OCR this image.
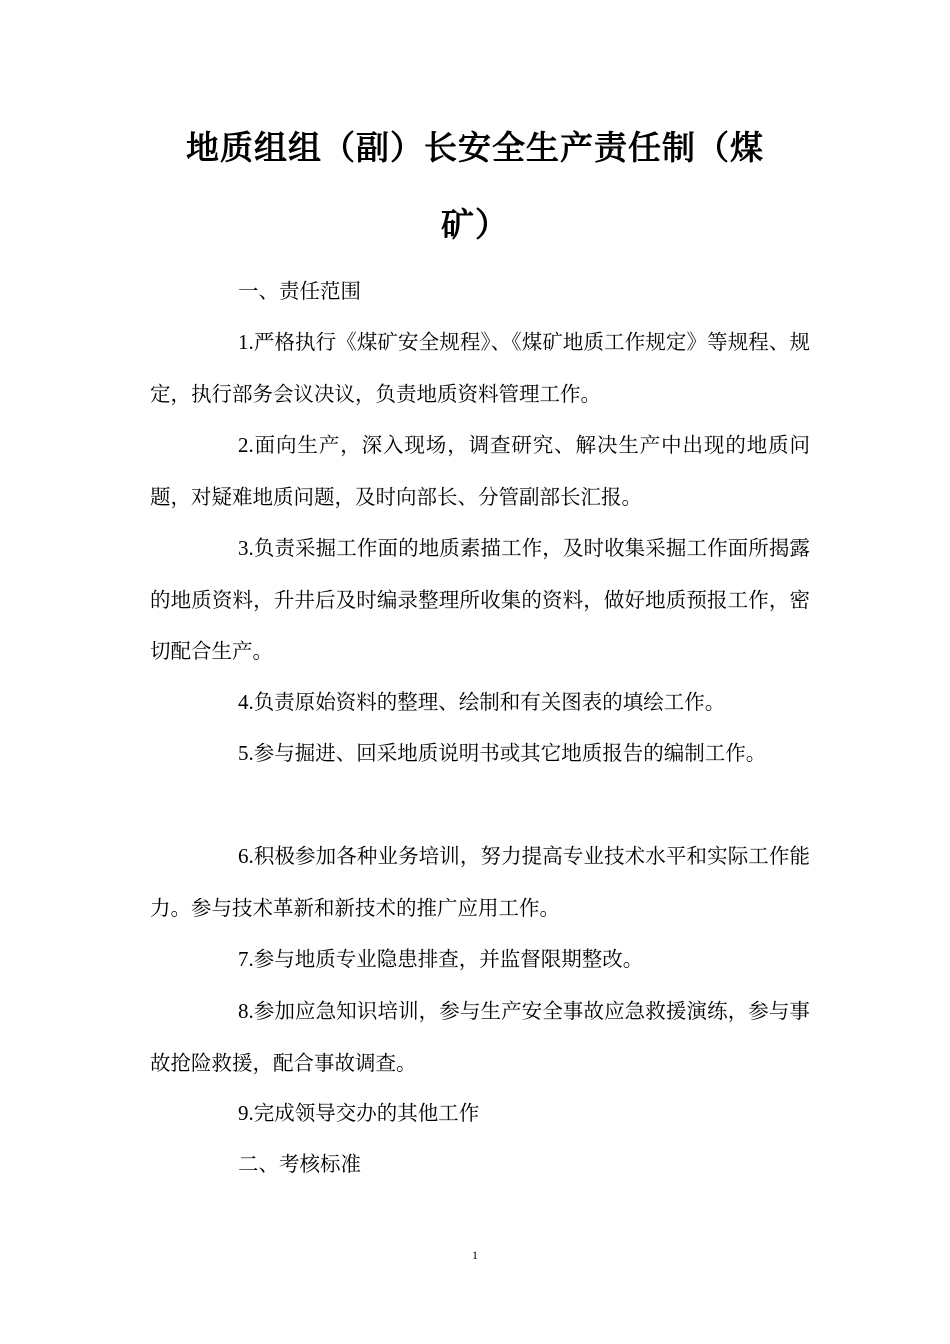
地质组组（副）长安全生产责任制（煤
矿）
一、责任范围
1.严格执行《煤矿安全规程》、《煤矿地质工作规定》等规程、规定，执行部务会议决议，负责地质资料管理工作。
2.面向生产，深入现场，调查研究、解决生产中出现的地质问题，对疑难地质问题，及时向部长、分管副部长汇报。
3.负责采掘工作面的地质素描工作，及时收集采掘工作面所揭露的地质资料，升井后及时编录整理所收集的资料，做好地质预报工作，密切配合生产。
4.负责原始资料的整理、绘制和有关图表的填绘工作。
5.参与掘进、回采地质说明书或其它地质报告的编制工作。
6.积极参加各种业务培训，努力提高专业技术水平和实际工作能力。参与技术革新和新技术的推广应用工作。
7.参与地质专业隐患排查，并监督限期整改。
8.参加应急知识培训，参与生产安全事故应急救援演练，参与事故抢险救援，配合事故调查。
9.完成领导交办的其他工作
二、考核标准
1
